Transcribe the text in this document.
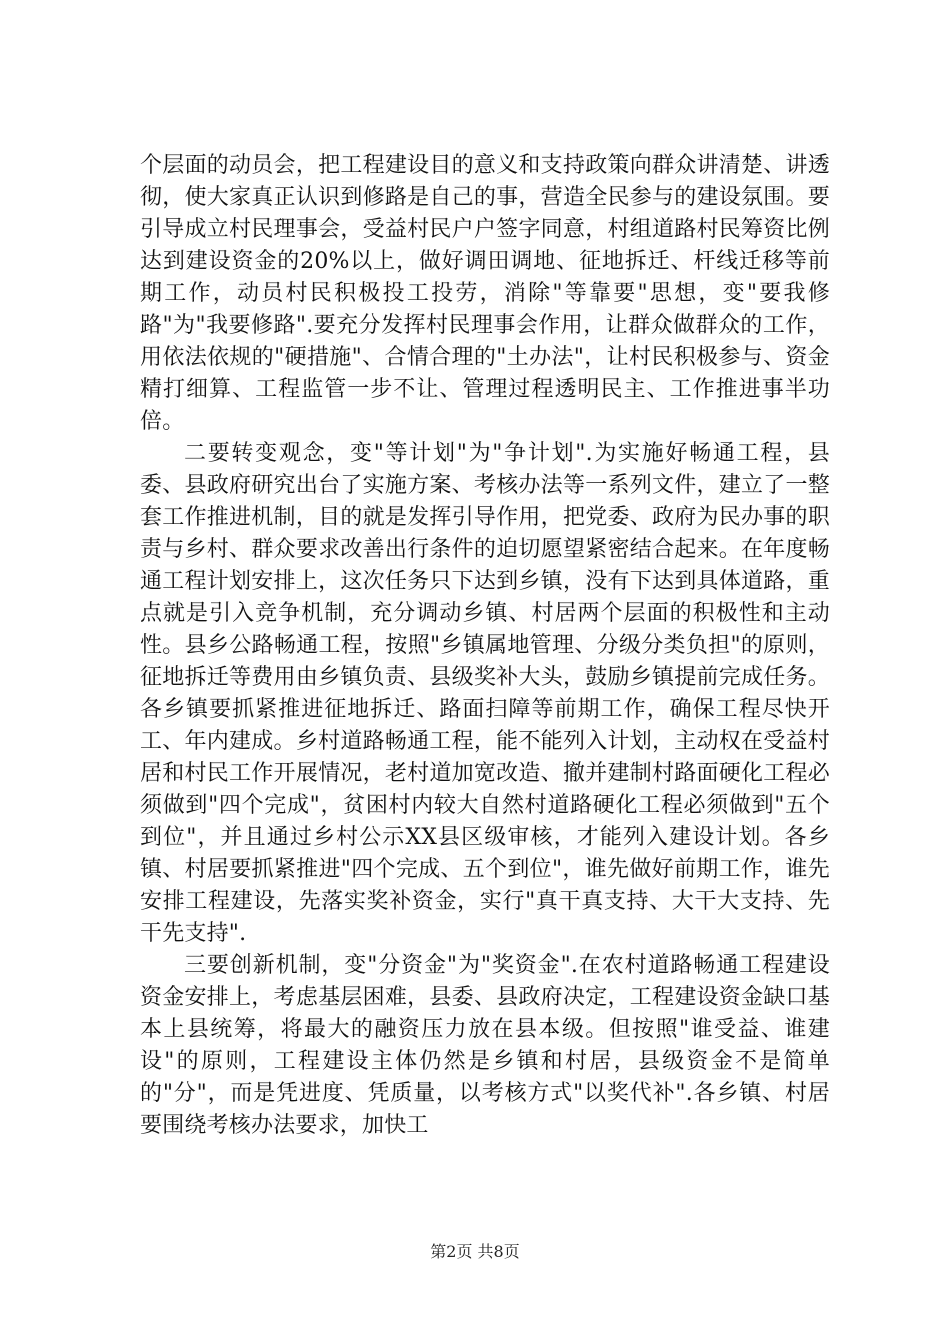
个层面的动员会，把工程建设目的意义和支持政策向群众讲清楚、讲透彻，使大家真正认识到修路是自己的事，营造全民参与的建设氛围。要引导成立村民理事会，受益村民户户签字同意，村组道路村民筹资比例达到建设资金的20%以上，做好调田调地、征地拆迁、杆线迁移等前期工作，动员村民积极投工投劳，消除"等靠要"思想，变"要我修路"为"我要修路".要充分发挥村民理事会作用，让群众做群众的工作，用依法依规的"硬措施"、合情合理的"土办法"，让村民积极参与、资金精打细算、工程监管一步不让、管理过程透明民主、工作推进事半功倍。

二要转变观念，变"等计划"为"争计划".为实施好畅通工程，县委、县政府研究出台了实施方案、考核办法等一系列文件，建立了一整套工作推进机制，目的就是发挥引导作用，把党委、政府为民办事的职责与乡村、群众要求改善出行条件的迫切愿望紧密结合起来。在年度畅通工程计划安排上，这次任务只下达到乡镇，没有下达到具体道路，重点就是引入竞争机制，充分调动乡镇、村居两个层面的积极性和主动性。县乡公路畅通工程，按照"乡镇属地管理、分级分类负担"的原则，征地拆迁等费用由乡镇负责、县级奖补大头，鼓励乡镇提前完成任务。各乡镇要抓紧推进征地拆迁、路面扫障等前期工作，确保工程尽快开工、年内建成。乡村道路畅通工程，能不能列入计划，主动权在受益村居和村民工作开展情况，老村道加宽改造、撤并建制村路面硬化工程必须做到"四个完成"，贫困村内较大自然村道路硬化工程必须做到"五个到位"，并且通过乡村公示XX县区级审核，才能列入建设计划。各乡镇、村居要抓紧推进"四个完成、五个到位"，谁先做好前期工作，谁先安排工程建设，先落实奖补资金，实行"真干真支持、大干大支持、先干先支持".

三要创新机制，变"分资金"为"奖资金".在农村道路畅通工程建设资金安排上，考虑基层困难，县委、县政府决定，工程建设资金缺口基本上县统筹，将最大的融资压力放在县本级。但按照"谁受益、谁建设"的原则，工程建设主体仍然是乡镇和村居，县级资金不是简单的"分"，而是凭进度、凭质量，以考核方式"以奖代补".各乡镇、村居要围绕考核办法要求，加快工

第2页 共8页
